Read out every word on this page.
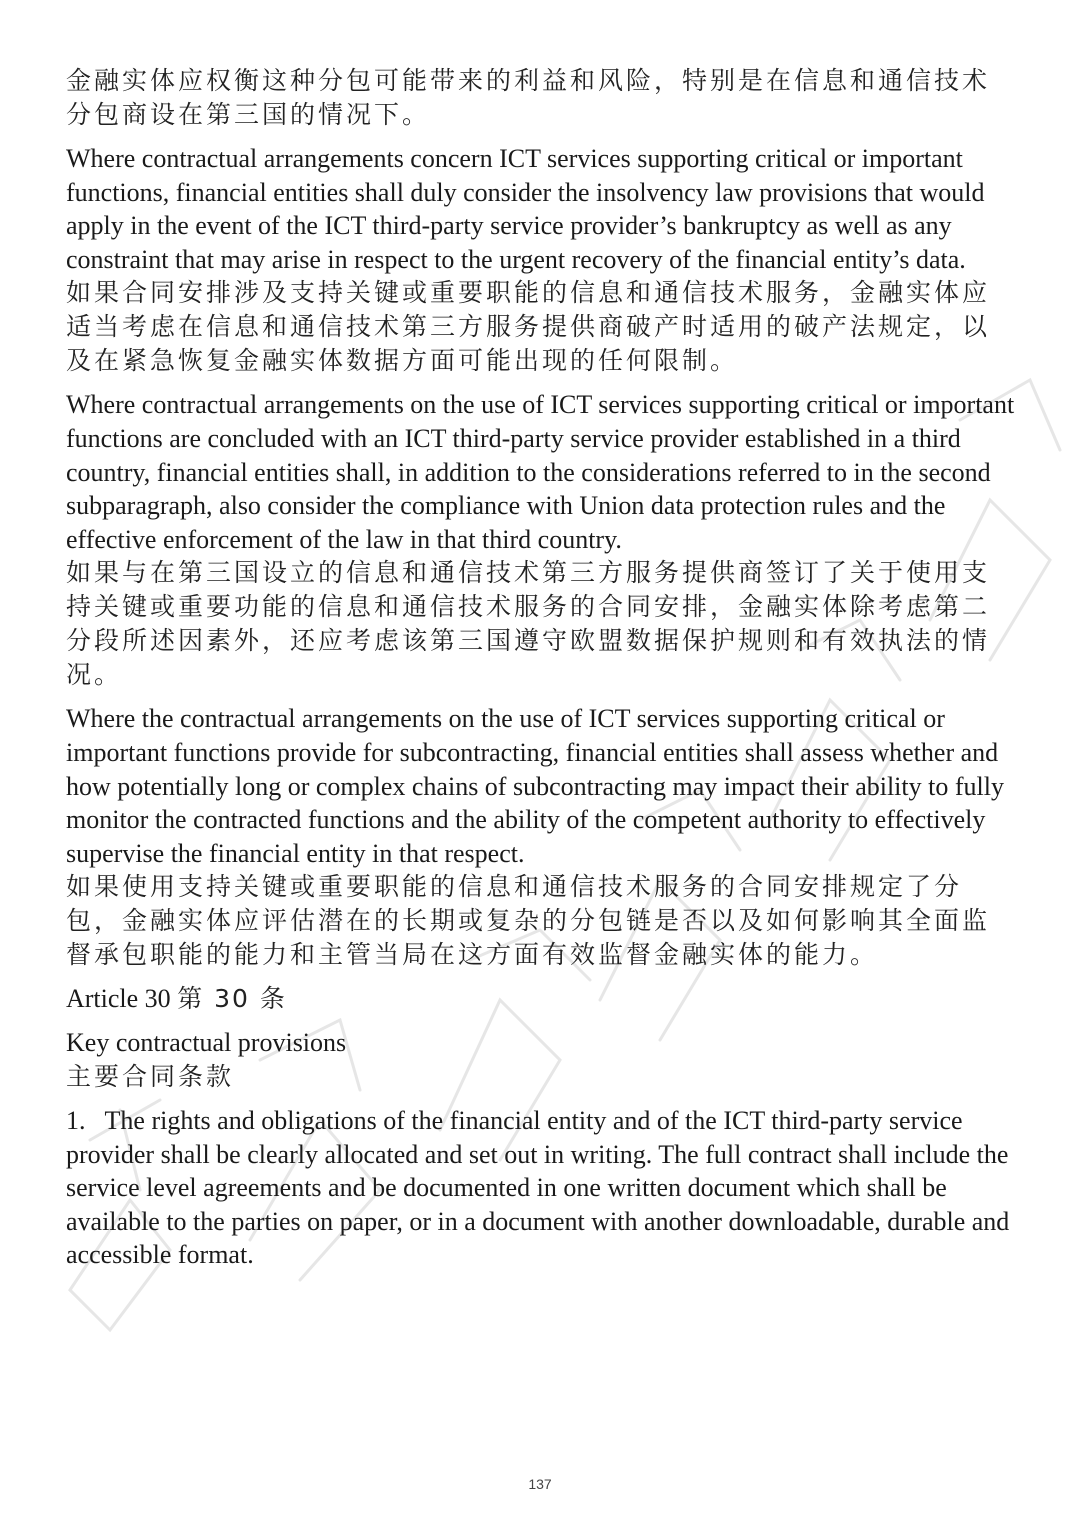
金融实体应权衡这种分包可能带来的利益和风险，特别是在信息和通信技术分包商设在第三国的情况下。

Where contractual arrangements concern ICT services supporting critical or important functions, financial entities shall duly consider the insolvency law provisions that would apply in the event of the ICT third-party service provider’s bankruptcy as well as any constraint that may arise in respect to the urgent recovery of the financial entity’s data.

如果合同安排涉及支持关键或重要职能的信息和通信技术服务，金融实体应适当考虑在信息和通信技术第三方服务提供商破产时适用的破产法规定，以及在紧急恢复金融实体数据方面可能出现的任何限制。

Where contractual arrangements on the use of ICT services supporting critical or important functions are concluded with an ICT third-party service provider established in a third country, financial entities shall, in addition to the considerations referred to in the second subparagraph, also consider the compliance with Union data protection rules and the effective enforcement of the law in that third country.

如果与在第三国设立的信息和通信技术第三方服务提供商签订了关于使用支持关键或重要功能的信息和通信技术服务的合同安排，金融实体除考虑第二分段所述因素外，还应考虑该第三国遵守欧盟数据保护规则和有效执法的情况。

Where the contractual arrangements on the use of ICT services supporting critical or important functions provide for subcontracting, financial entities shall assess whether and how potentially long or complex chains of subcontracting may impact their ability to fully monitor the contracted functions and the ability of the competent authority to effectively supervise the financial entity in that respect.

如果使用支持关键或重要职能的信息和通信技术服务的合同安排规定了分包，金融实体应评估潜在的长期或复杂的分包链是否以及如何影响其全面监督承包职能的能力和主管当局在这方面有效监督金融实体的能力。

Article 30 第 30 条

Key contractual provisions

主要合同条款

1.   The rights and obligations of the financial entity and of the ICT third-party service provider shall be clearly allocated and set out in writing. The full contract shall include the service level agreements and be documented in one written document which shall be available to the parties on paper, or in a document with another downloadable, durable and accessible format.

137
